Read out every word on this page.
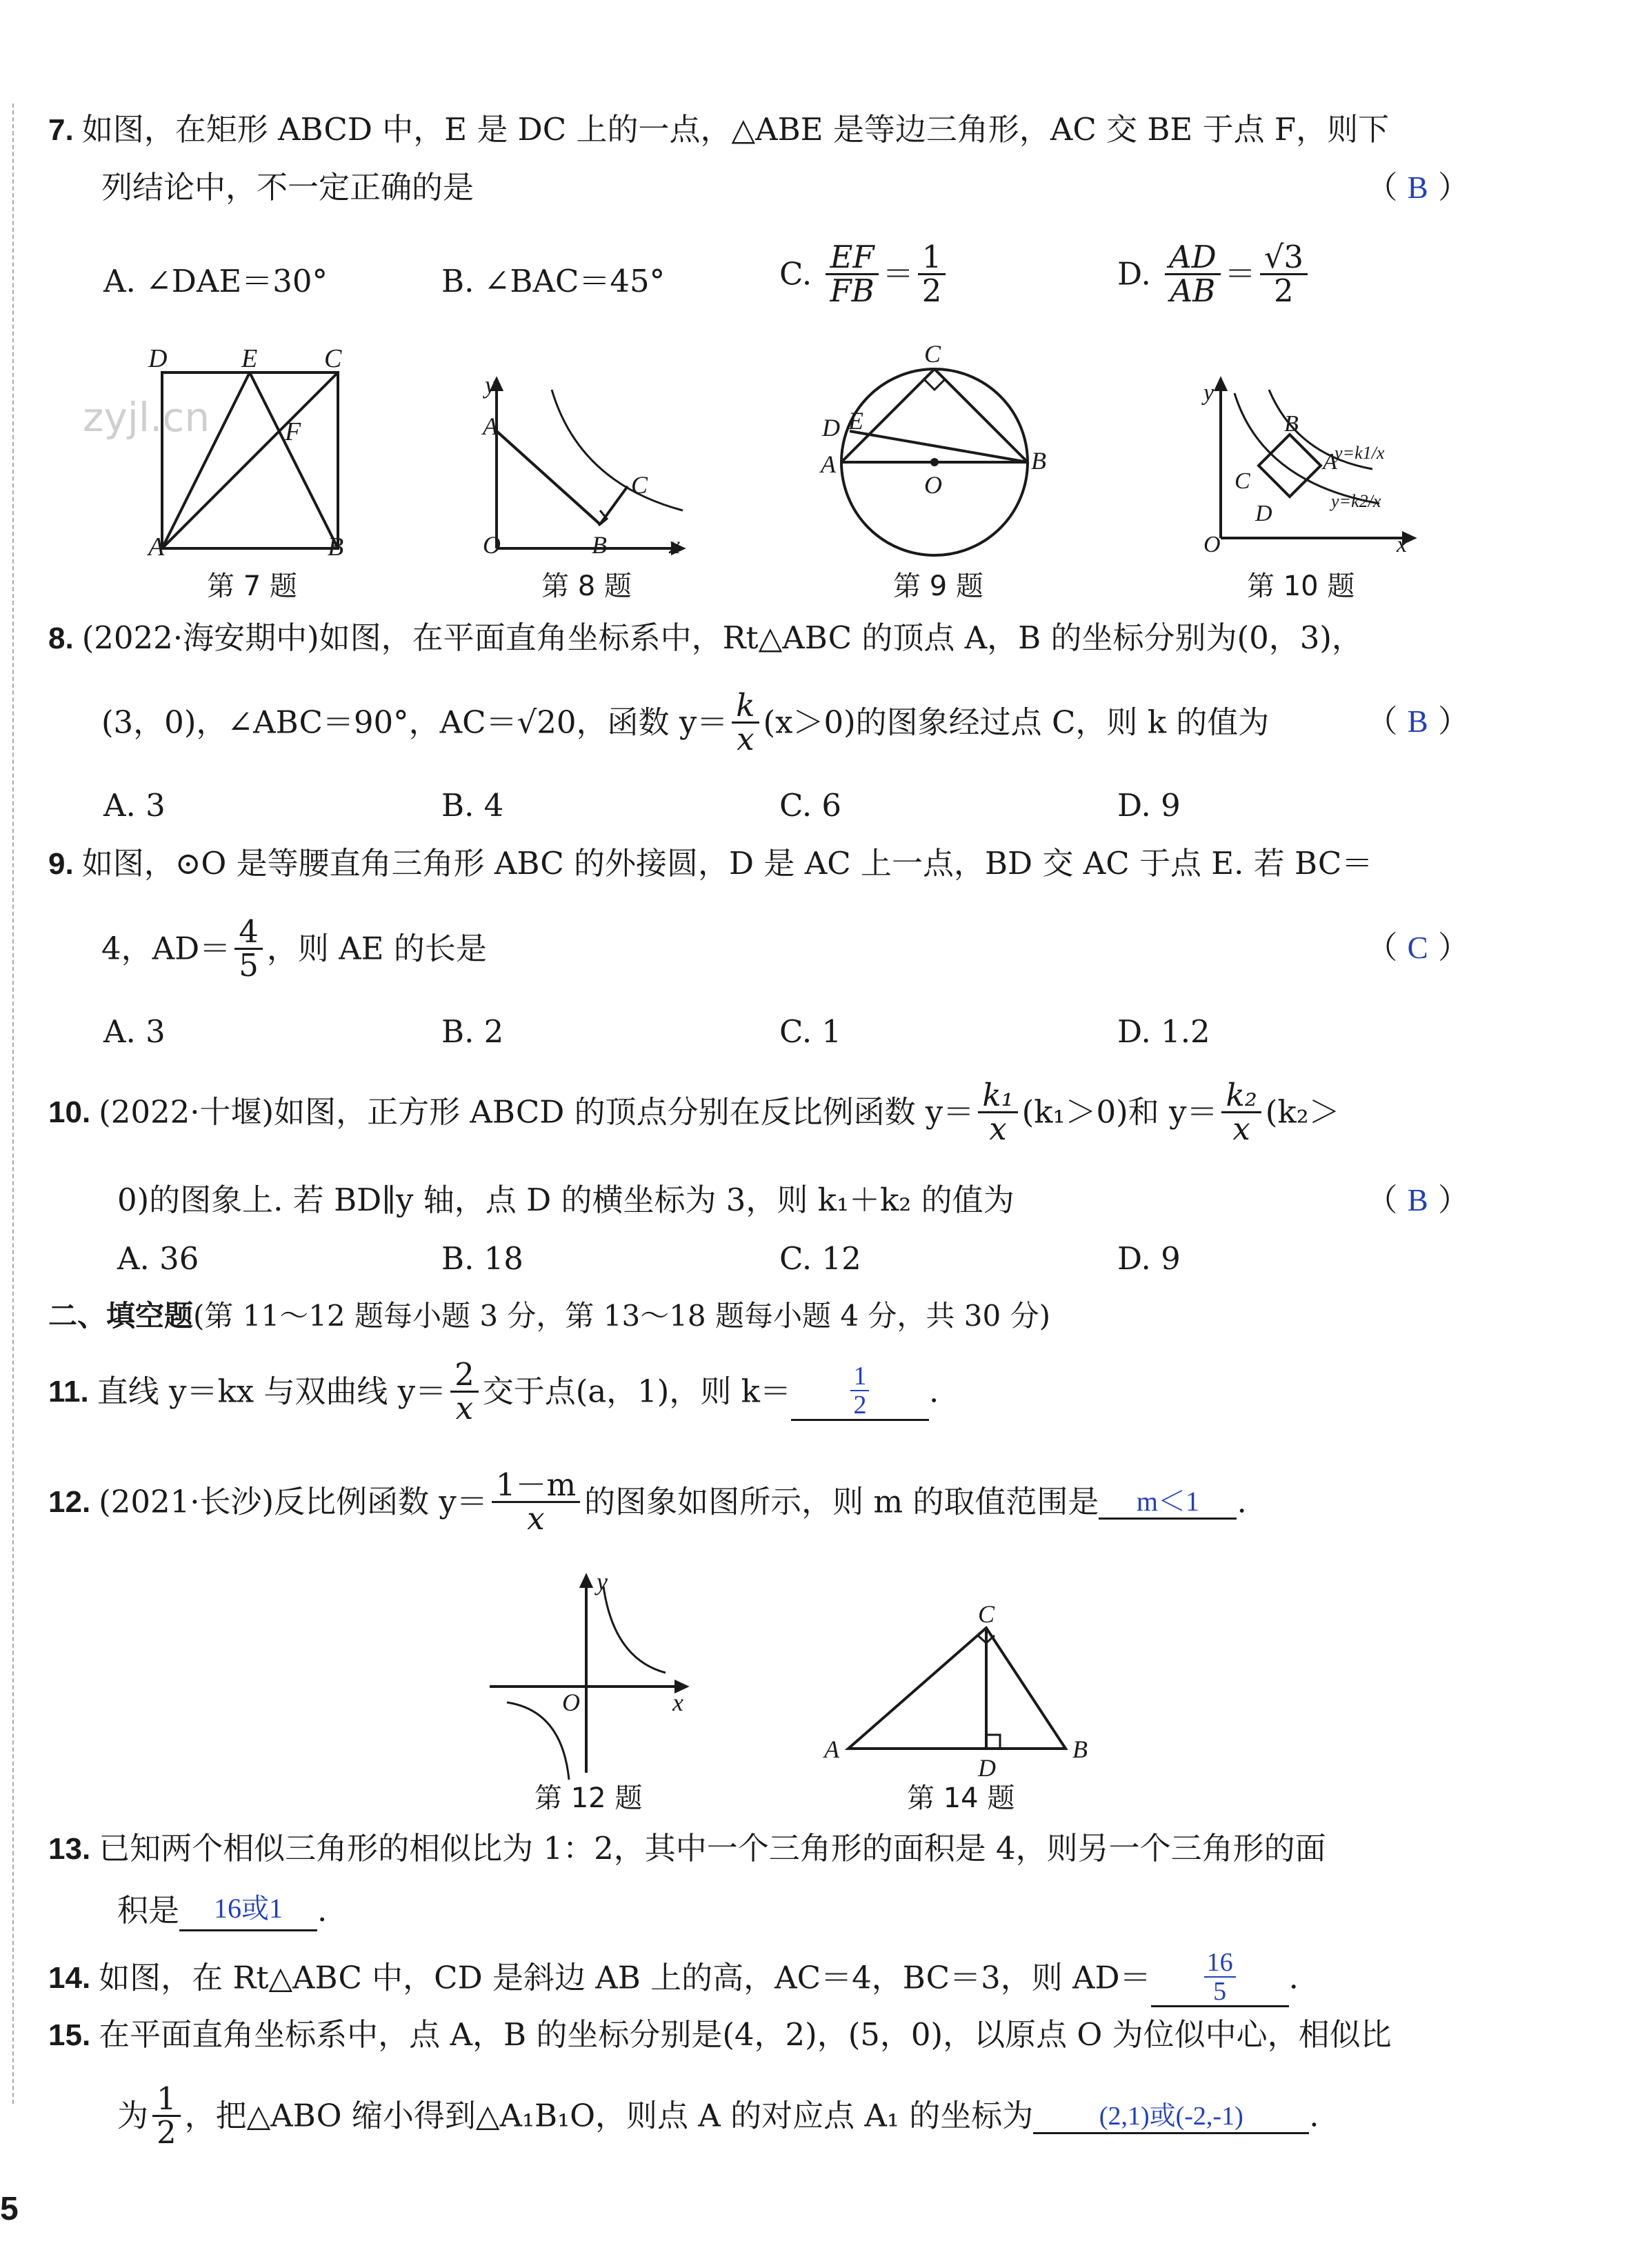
7. 如图，在矩形 ABCD 中，E 是 DC 上的一点，△ABE 是等边三角形，AC 交 BE 于点 F，则下
列结论中，不一定正确的是	（ B ）
A. ∠DAE＝30°	B. ∠BAC＝45°	C. $\frac{EF}{FB} = \frac{1}{2}$	D. $\frac{AD}{AB} = \frac{√3}{2}$
zyjl.cn
D	E	C
F
A	B
y
A
C
O	B	x
C
D E
A
O
B
y
B
A
C
D
O	x
y=k1/x
y=k2/x
第 7 题	第 8 题	第 9 题	第 10 题
8. (2022·海安期中)如图，在平面直角坐标系中，Rt△ABC 的顶点 A，B 的坐标分别为(0，3)，
(3，0)，∠ABC＝90°，AC＝√20，函数 $y= \frac{k}{x} (x>0)$的图象经过点 C，则 k 的值为	（ B ）
A. 3	B. 4	C. 6	D. 9
9. 如图，⊙O 是等腰直角三角形 ABC 的外接圆，D 是 AC 上一点，BD 交 AC 于点 E. 若 BC＝
4，$AD= \frac{4}{5}$ ，则 AE 的长是	（ C ）
A. 3	B. 2	C. 1	D. 1.2
10. (2022·十堰)如图，正方形 ABCD 的顶点分别在反比例函数 $y= \frac{\text{k₁}}{x} (k_1>0)$和 $y= \frac{\text{k₂}}{x} (k_2>$
0)的图象上. 若 BD∥y 轴，点 D 的横坐标为 3，则 k₁＋k₂ 的值为	（ B ）
A. 36	B. 18	C. 12	D. 9
二、填空题(第 11～12 题每小题 3 分，第 13～18 题每小题 4 分，共 30 分)
11. 直线 y＝kx 与双曲线 $y= \frac{2}{x}$ 交于点(a，1)，则 $k= \frac{1}{2}$ .
12. (2021·长沙)反比例函数 $y= \frac{1-m}{x}$ 的图象如图所示，则 m 的取值范围是 m＜1 .
y
O	x
C
A
D
B
第 12 题	第 14 题
13. 已知两个相似三角形的相似比为 1：2，其中一个三角形的面积是 4，则另一个三角形的面
积是 16或1 .
14. 如图，在 Rt△ABC 中，CD 是斜边 AB 上的高，AC＝4，BC＝3，则 $AD= \frac{16}{5}$ .
15. 在平面直角坐标系中，点 A，B 的坐标分别是(4，2)，(5，0)，以原点 O 为位似中心，相似比
为 $\frac{1}{2}$ ，把△ABO 缩小得到△A₁B₁O，则点 A 的对应点 A₁ 的坐标为	(2,1)或(-2,-1) .
5
